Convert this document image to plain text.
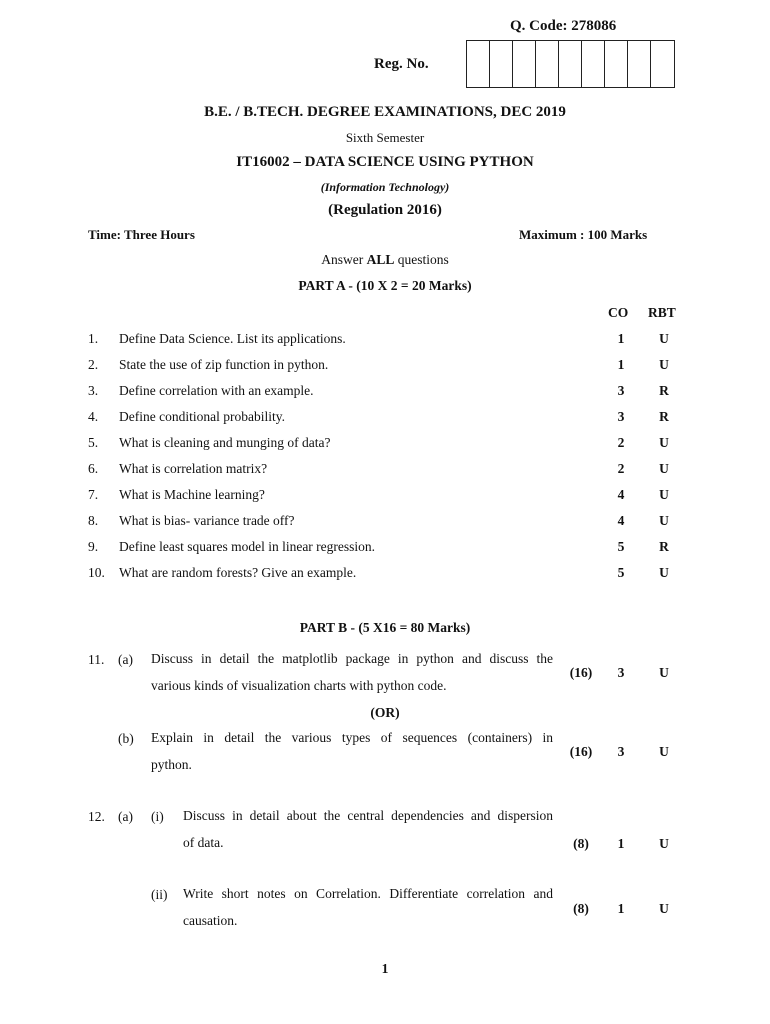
Q. Code: 278086
Reg. No.
B.E. / B.TECH. DEGREE EXAMINATIONS, DEC 2019
Sixth Semester
IT16002 – DATA SCIENCE USING PYTHON
(Information Technology)
(Regulation 2016)
Time: Three Hours	Maximum : 100 Marks
Answer ALL questions
PART A - (10 X 2 = 20 Marks)
CO RBT
1. Define Data Science. List its applications.	1	U
2. State the use of zip function in python.	1	U
3. Define correlation with an example.	3	R
4. Define conditional probability.	3	R
5. What is cleaning and munging of data?	2	U
6. What is correlation matrix?	2	U
7. What is Machine learning?	4	U
8. What is bias- variance trade off?	4	U
9. Define least squares model in linear regression.	5	R
10. What are random forests? Give an example.	5	U
PART B - (5 X16 = 80 Marks)
11. (a) Discuss in detail the matplotlib package in python and discuss the
various kinds of visualization charts with python code.
(16)	3	U
(OR)
(b) Explain in detail the various types of sequences (containers) in
python.
(16)	3	U
12. (a) (i) Discuss in detail about the central dependencies and dispersion
of data.	(8)	1	U
(ii) Write short notes on Correlation. Differentiate correlation and
causation.
(8)	1	U
1
